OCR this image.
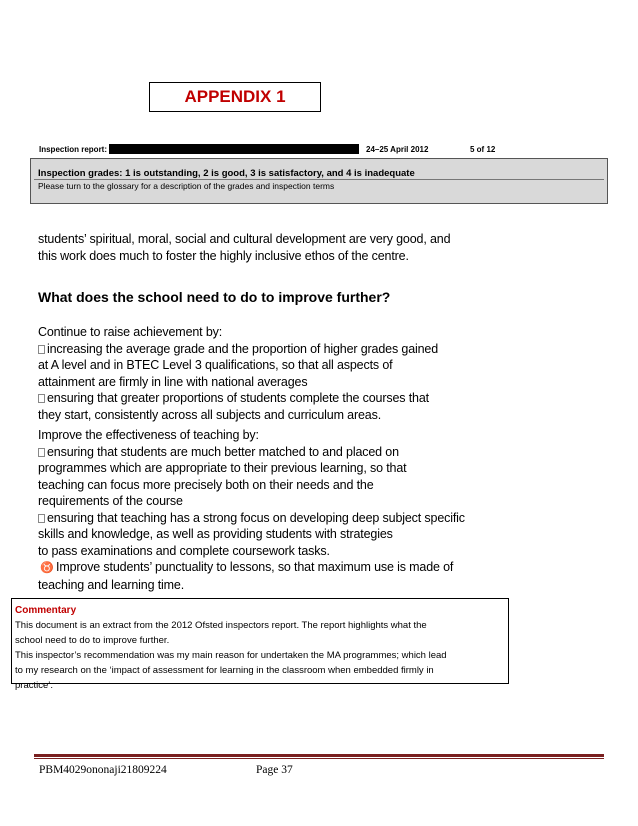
APPENDIX 1
Inspection report:	24–25 April 2012	5 of 12
Inspection grades: 1 is outstanding, 2 is good, 3 is satisfactory, and 4 is inadequate
Please turn to the glossary for a description of the grades and inspection terms

students’ spiritual, moral, social and cultural development are very good, and

this work does much to foster the highly inclusive ethos of the centre.

What does the school need to do to improve further?

Continue to raise achievement by:

increasing the average grade and the proportion of higher grades gained

at A level and in BTEC Level 3 qualifications, so that all aspects of

attainment are firmly in line with national averages

ensuring that greater proportions of students complete the courses that

they start, consistently across all subjects and curriculum areas.

Improve the effectiveness of teaching by:

ensuring that students are much better matched to and placed on

programmes which are appropriate to their previous learning, so that

teaching can focus more precisely both on their needs and the

requirements of the course

ensuring that teaching has a strong focus on developing deep subject specific

skills and knowledge, as well as providing students with strategies

to pass examinations and complete coursework tasks.

♉ Improve students’ punctuality to lessons, so that maximum use is made of

teaching and learning time.

Commentary
This document is an extract from the 2012 Ofsted inspectors report. The report highlights what the
school need to do to improve further.
This inspector’s recommendation was my main reason for undertaken the MA programmes; which lead
to my research on the ‘impact of assessment for learning in the classroom when embedded firmly in
practice’.
PBM4029ononaji21809224	Page 37
